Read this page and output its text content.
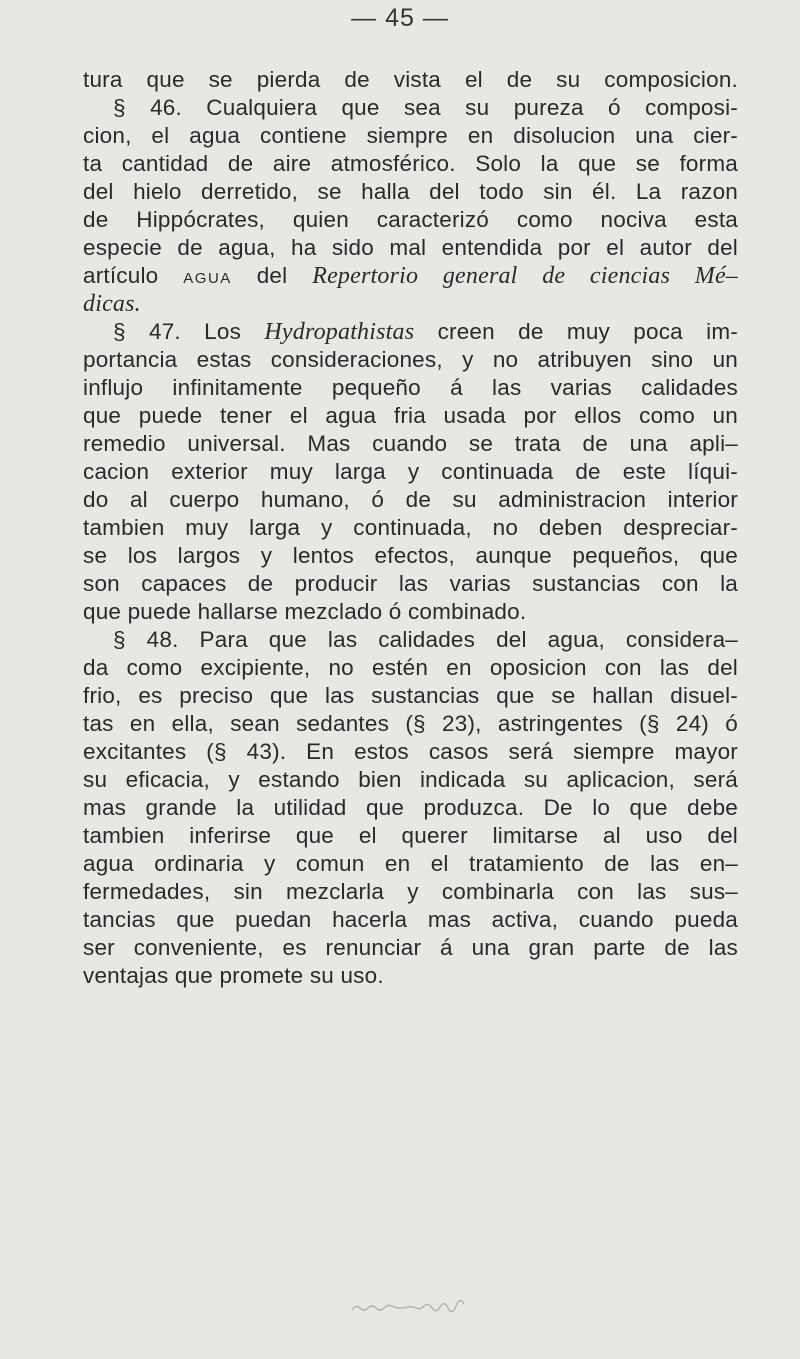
— 45 —
tura que se pierda de vista el de su composicion.
§ 46. Cualquiera que sea su pureza ó composi-
cion, el agua contiene siempre en disolucion una cier-
ta cantidad de aire atmosférico. Solo la que se forma
del hielo derretido, se halla del todo sin él. La razon
de Hippócrates, quien caracterizó como nociva esta
especie de agua, ha sido mal entendida por el autor del
artículo AGUA del Repertorio general de ciencias Mé–
dicas.
§ 47. Los Hydropathistas creen de muy poca im-
portancia estas consideraciones, y no atribuyen sino un
influjo infinitamente pequeño á las varias calidades
que puede tener el agua fria usada por ellos como un
remedio universal. Mas cuando se trata de una apli–
cacion exterior muy larga y continuada de este líqui-
do al cuerpo humano, ó de su administracion interior
tambien muy larga y continuada, no deben despreciar-
se los largos y lentos efectos, aunque pequeños, que
son capaces de producir las varias sustancias con la
que puede hallarse mezclado ó combinado.
§ 48. Para que las calidades del agua, considera–
da como excipiente, no estén en oposicion con las del
frio, es preciso que las sustancias que se hallan disuel-
tas en ella, sean sedantes (§ 23), astringentes (§ 24) ó
excitantes (§ 43). En estos casos será siempre mayor
su eficacia, y estando bien indicada su aplicacion, será
mas grande la utilidad que produzca. De lo que debe
tambien inferirse que el querer limitarse al uso del
agua ordinaria y comun en el tratamiento de las en–
fermedades, sin mezclarla y combinarla con las sus–
tancias que puedan hacerla mas activa, cuando pueda
ser conveniente, es renunciar á una gran parte de las
ventajas que promete su uso.
